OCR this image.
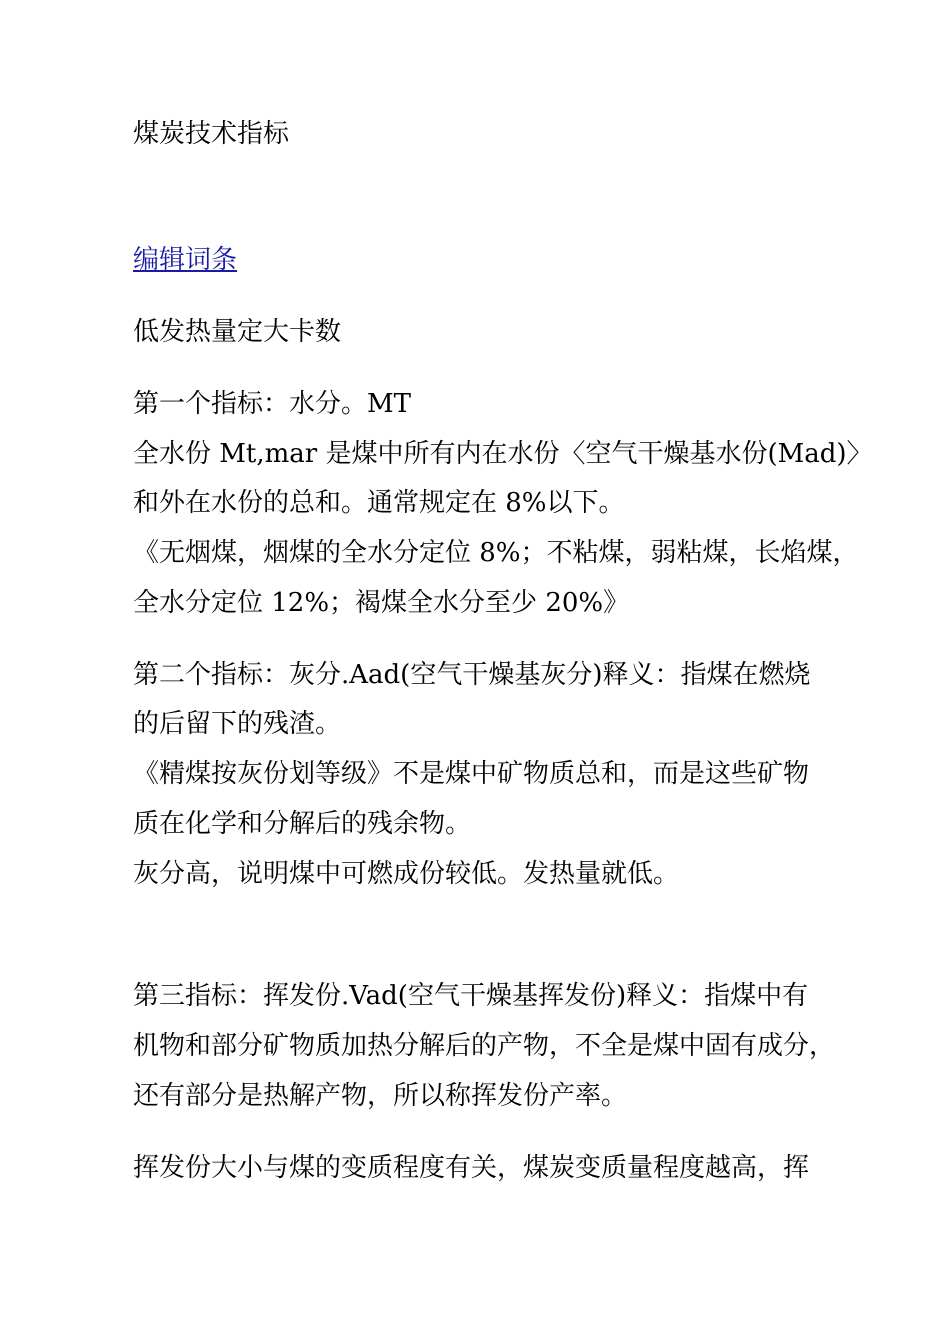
煤炭技术指标
编辑词条
低发热量定大卡数
第一个指标：水分。MT
全水份 Mt,mar 是煤中所有内在水份〈空气干燥基水份(Mad)〉
和外在水份的总和。通常规定在 8%以下。
《无烟煤，烟煤的全水分定位 8%；不粘煤，弱粘煤，长焰煤，
全水分定位 12%；褐煤全水分至少 20%》
第二个指标：灰分.Aad(空气干燥基灰分)释义：指煤在燃烧
的后留下的残渣。
《精煤按灰份划等级》不是煤中矿物质总和，而是这些矿物
质在化学和分解后的残余物。
灰分高，说明煤中可燃成份较低。发热量就低。
第三指标：挥发份.Vad(空气干燥基挥发份)释义：指煤中有
机物和部分矿物质加热分解后的产物，不全是煤中固有成分，
还有部分是热解产物，所以称挥发份产率。
挥发份大小与煤的变质程度有关，煤炭变质量程度越高，挥
